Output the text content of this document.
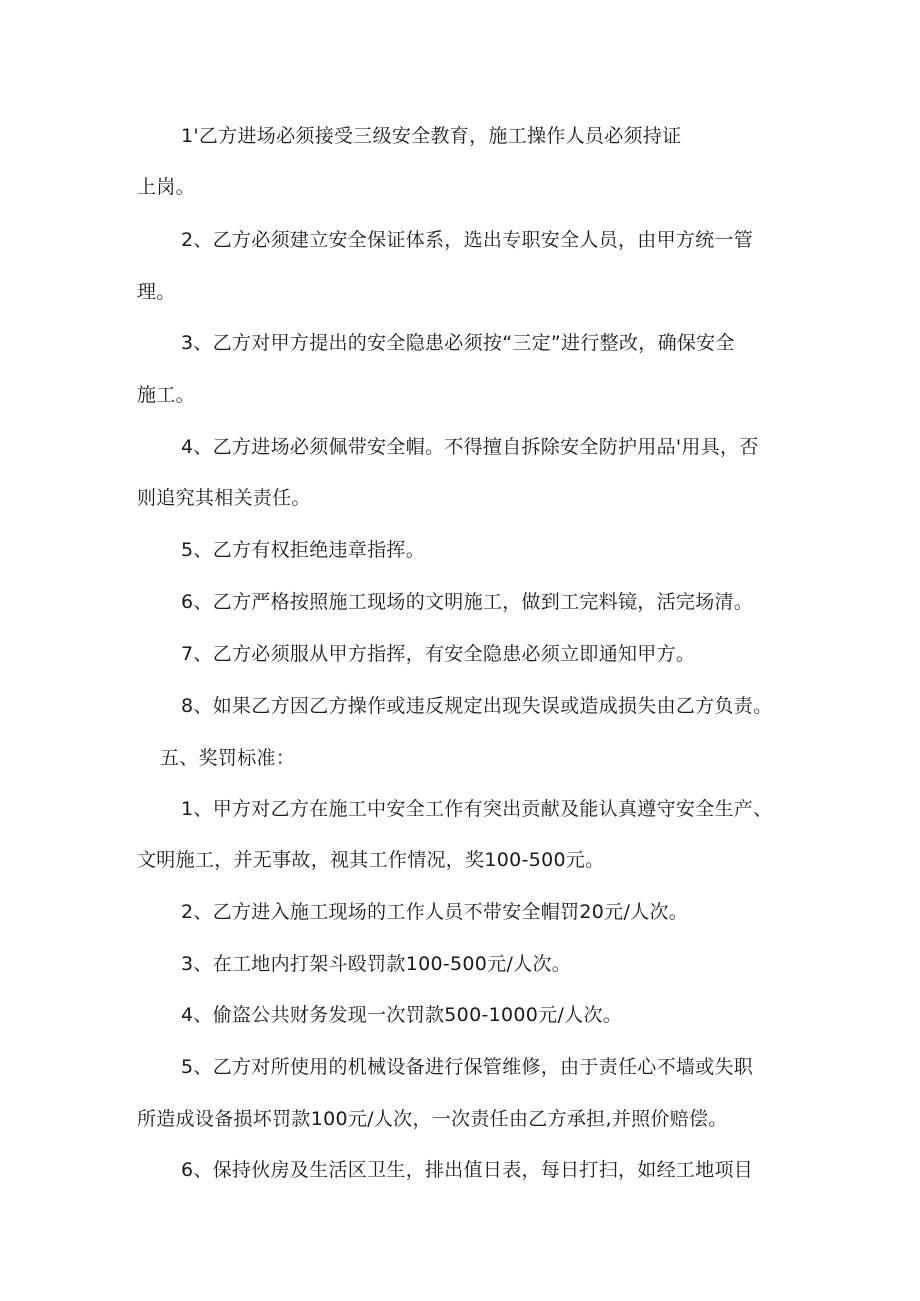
1'乙方进场必须接受三级安全教育，施工操作人员必须持证
上岗。
2、乙方必须建立安全保证体系，选出专职安全人员，由甲方统一管
理。
3、乙方对甲方提出的安全隐患必须按“三定”进行整改，确保安全
施工。
4、乙方进场必须佩带安全帽。不得擅自拆除安全防护用品'用具，否
则追究其相关责任。
5、乙方有权拒绝违章指挥。
6、乙方严格按照施工现场的文明施工，做到工完料镜，活完场清。
7、乙方必须服从甲方指挥，有安全隐患必须立即通知甲方。
8、如果乙方因乙方操作或违反规定出现失误或造成损失由乙方负责。
五、奖罚标准：
1、甲方对乙方在施工中安全工作有突出贡献及能认真遵守安全生产、
文明施工，并无事故，视其工作情况，奖100-500元。
2、乙方进入施工现场的工作人员不带安全帽罚20元/人次。
3、在工地内打架斗殴罚款100-500元/人次。
4、偷盗公共财务发现一次罚款500-1000元/人次。
5、乙方对所使用的机械设备进行保管维修，由于责任心不墙或失职
所造成设备损坏罚款100元/人次，一次责任由乙方承担,并照价赔偿。
6、保持伙房及生活区卫生，排出值日表，每日打扫，如经工地项目
